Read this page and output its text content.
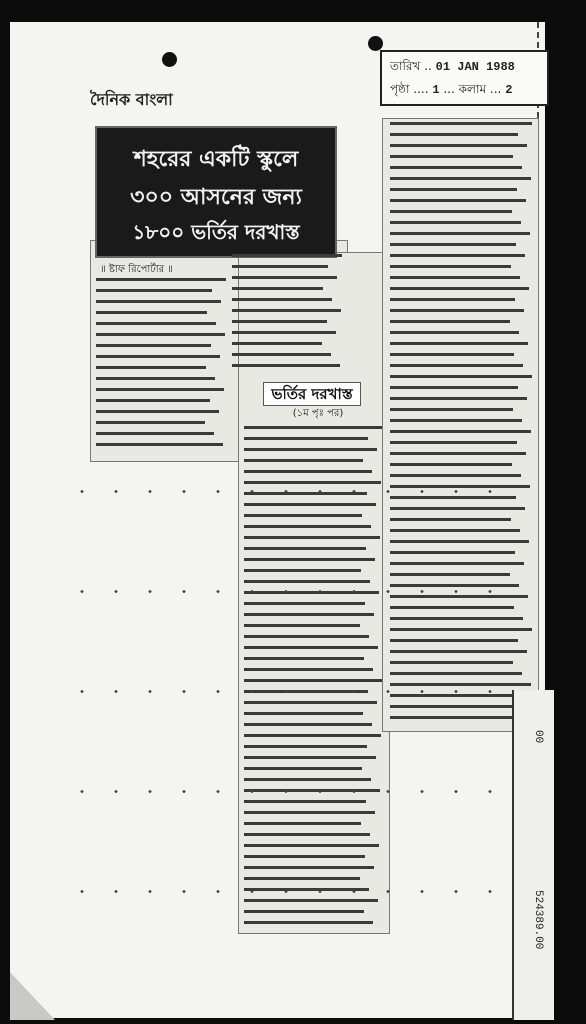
তারিখ .. 01 JAN 1988
পৃষ্ঠা .... 1 ... কলাম ... 2
দৈনিক বাংলা
শহরের একটি স্কুলে
৩০০ আসনের জন্য
১৮০০ ভর্তির দরখাস্ত
॥ ষ্টাফ রিপোর্টার ॥
ভর্তির দরখাস্ত
(১ম পৃঃ পর)
00
524389.00
